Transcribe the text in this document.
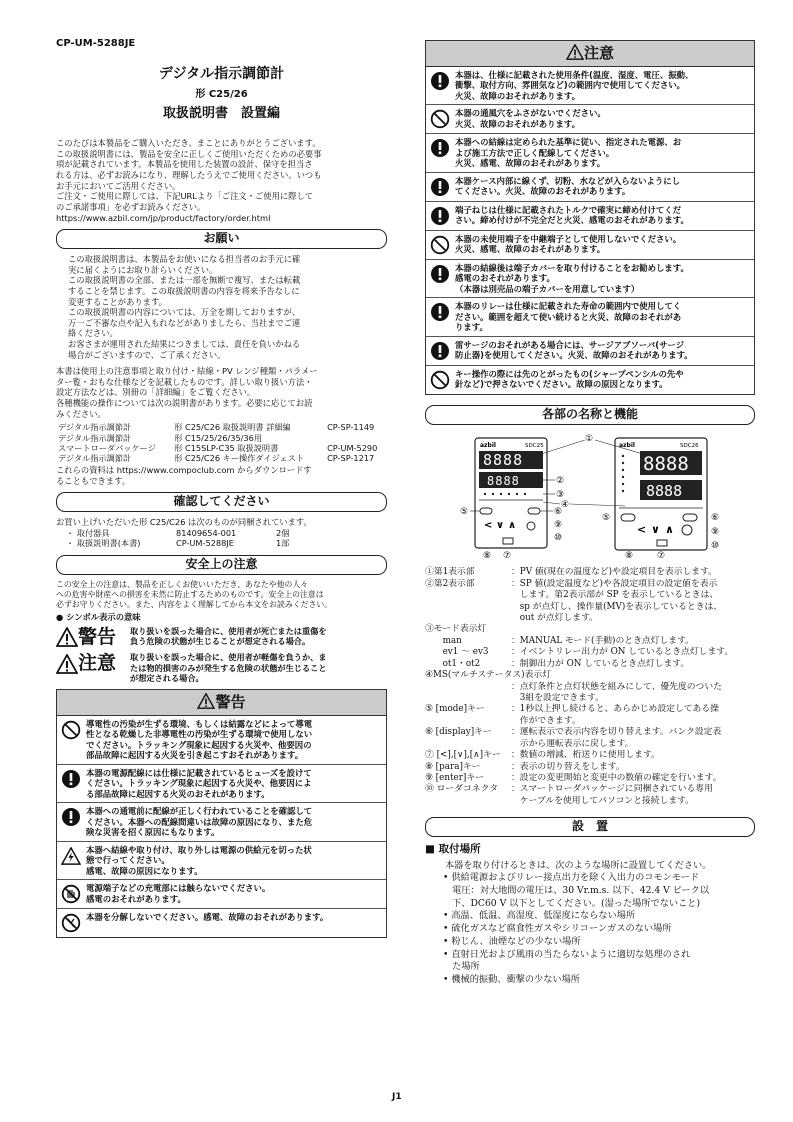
CP-UM-5288JE
デジタル指示調節計
形 C25/26
取扱説明書　設置編
このたびは本製品をご購入いただき、まことにありがとうございます。
この取扱説明書には、製品を安全に正しくご使用いただくための必要事
項が記載されています。本製品を使用した装置の設計、保守を担当さ
れる方は、必ずお読みになり、理解したうえでご使用ください。いつも
お手元においてご活用ください。
ご注文・ご使用に際しては、下記URLより「ご注文・ご使用に際して
のご承諾事項」を必ずお読みください。
https://www.azbil.com/jp/product/factory/order.html
お願い
この取扱説明書は、本製品をお使いになる担当者のお手元に確
実に届くようにお取り計らいください。
この取扱説明書の全部、または一部を無断で複写、または転載
することを禁じます。この取扱説明書の内容を将来予告なしに
変更することがあります。
この取扱説明書の内容については、万全を期しておりますが、
万一ご不審な点や記入もれなどがありましたら、当社までご連
絡ください。
お客さまが運用された結果につきましては、責任を負いかねる
場合がございますので、ご了承ください。
本書は使用上の注意事項と取り付け・結線・PV レンジ種類・パラメー
ター覧・おもな仕様などを記載したものです。詳しい取り扱い方法・
設定方法などは、別冊の「詳細編」をご覧ください。
各種機能の操作については次の説明書があります。必要に応じてお読
みください。
デジタル指示調節計	形 C25/C26 取扱説明書 詳細編	CP-SP-1149
デジタル指示調節計	形 C15/25/26/35/36用	
スマートローダパッケージ	形 C15SLP-C35 取扱説明書	CP-UM-5290
デジタル指示調節計	形 C25/C26 キー操作ダイジェスト	CP-SP-1217
これらの資料は https://www.compoclub.com からダウンロードす
ることもできます。
確認してください
お買い上げいただいた形 C25/C26 は次のものが同梱されています。
・ 取付器具	81409654-001	2個
・ 取扱説明書(本書)	CP-UM-5288JE	1部
安全上の注意
この安全上の注意は、製品を正しくお使いいただき、あなたや他の人々
への危害や財産への損害を未然に防止するためのものです。安全上の注意は
必ずお守りください。また、内容をよく理解してから本文をお読みください。
● シンボル表示の意味
警告 取り扱いを誤った場合に、使用者が死亡または重傷を
負う危険の状態が生じることが想定される場合。
注意 取り扱いを誤った場合に、使用者が軽傷を負うか、ま
たは物的損害のみが発生する危険の状態が生じること
が想定される場合。
警告
導電性の汚染が生ずる環境、もしくは結露などによって導電
性となる乾燥した非導電性の汚染が生ずる環境で使用しない
でください。トラッキング現象に起因する火災や、他要因の
部品故障に起因する火災を引き起こすおそれがあります。
本器の電源配線には仕様に記載されているヒューズを設けて
ください。トラッキング現象に起因する火災や、他要因によ
る部品故障に起因する火災のおそれがあります。
本器への通電前に配線が正しく行われていることを確認して
ください。本器への配線間違いは故障の原因になり、また危
険な災害を招く原因にもなります。
本器へ結線や取り付け、取り外しは電源の供給元を切った状
態で行ってください。
感電、故障の原因になります。
電源端子などの充電部には触らないでください。
感電のおそれがあります。
本器を分解しないでください。感電、故障のおそれがあります。
注意
本器は、仕様に記載された使用条件(温度、湿度、電圧、振動、
衝撃、取付方向、雰囲気など)の範囲内で使用してください。
火災、故障のおそれがあります。
本器の通風穴をふさがないでください。
火災、故障のおそれがあります。
本器への結線は定められた基準に従い、指定された電源、お
よび施工方法で正しく配線してください。
火災、感電、故障のおそれがあります。
本器ケース内部に線くず、切粉、水などが入らないようにし
てください。火災、故障のおそれがあります。
端子ねじは仕様に記載されたトルクで確実に締め付けてくだ
さい。締め付けが不完全だと火災、感電のおそれがあります。
本器の未使用端子を中継端子として使用しないでください。
火災、感電、故障のおそれがあります。
本器の結線後は端子カバーを取り付けることをお勧めします。
感電のおそれがあります。
（本器は別売品の端子カバーを用意しています）
本器のリレーは仕様に記載された寿命の範囲内で使用してく
ださい。範囲を超えて使い続けると火災、故障のおそれがあ
ります。
雷サージのおそれがある場合には、サージアブソーバ(サージ
防止器)を使用してください。火災、故障のおそれがあります。
キー操作の際には先のとがったもの(シャープペンシルの先や
針など)で押さないでください。故障の原因となります。
各部の名称と機能
azbil	SDC25
8888
8888
< ∨ ∧
azbil	SDC26
8888
8888
< ∨ ∧
①
②
③
④
⑤	⑥
⑤	⑥
⑨
⑨
⑩
⑩
⑧ ⑦	⑧	⑦
①第1表示部	：PV 値(現在の温度など)や設定項目を表示します。
②第2表示部	：SP 値(設定温度など)や各設定項目の設定値を表示
　します。第2表示部が SP を表示しているときは、
　sp が点灯し、操作量(MV)を表示しているときは、
　out が点灯します。
③モード表示灯
　　man	：MANUAL モード(手動)のとき点灯します。
　　ev1 ～ ev3	：イベントリレー出力が ON しているとき点灯します。
　　ot1・ot2	：制御出力が ON しているとき点灯します。
④MS(マルチステータス)表示灯
：点灯条件と点灯状態を組みにして、優先度のついた
　3組を設定できます。
⑤ [mode]キー	：1秒以上押し続けると、あらかじめ設定してある操
　作ができます。
⑥ [display]キー	：運転表示で表示内容を切り替えます。バンク設定表
　示から運転表示に戻します。
⑦ [<],[∨],[∧]キー	：数値の増減、桁送りに使用します。
⑧ [para]キー	：表示の切り替えをします。
⑨ [enter]キー	：設定の変更開始と変更中の数値の確定を行います。
⑩ ローダコネクタ	：スマートローダパッケージに同梱されている専用
　ケーブルを使用してパソコンと接続します。
設　置
■ 取付場所
本器を取り付けるときは、次のような場所に設置してください。
• 供給電源およびリレー接点出力を除く入出力のコモンモード
　電圧：対大地間の電圧は、30 Vr.m.s. 以下、42.4 V ピーク以
　下、DC60 V 以下としてください。(湿った場所でないこと)
• 高温、低温、高湿度、低湿度にならない場所
• 硫化ガスなど腐食性ガスやシリコーンガスのない場所
• 粉じん、油煙などの少ない場所
• 直射日光および風雨の当たらないように適切な処理のされ
　た場所
• 機械的振動、衝撃の少ない場所
J1
